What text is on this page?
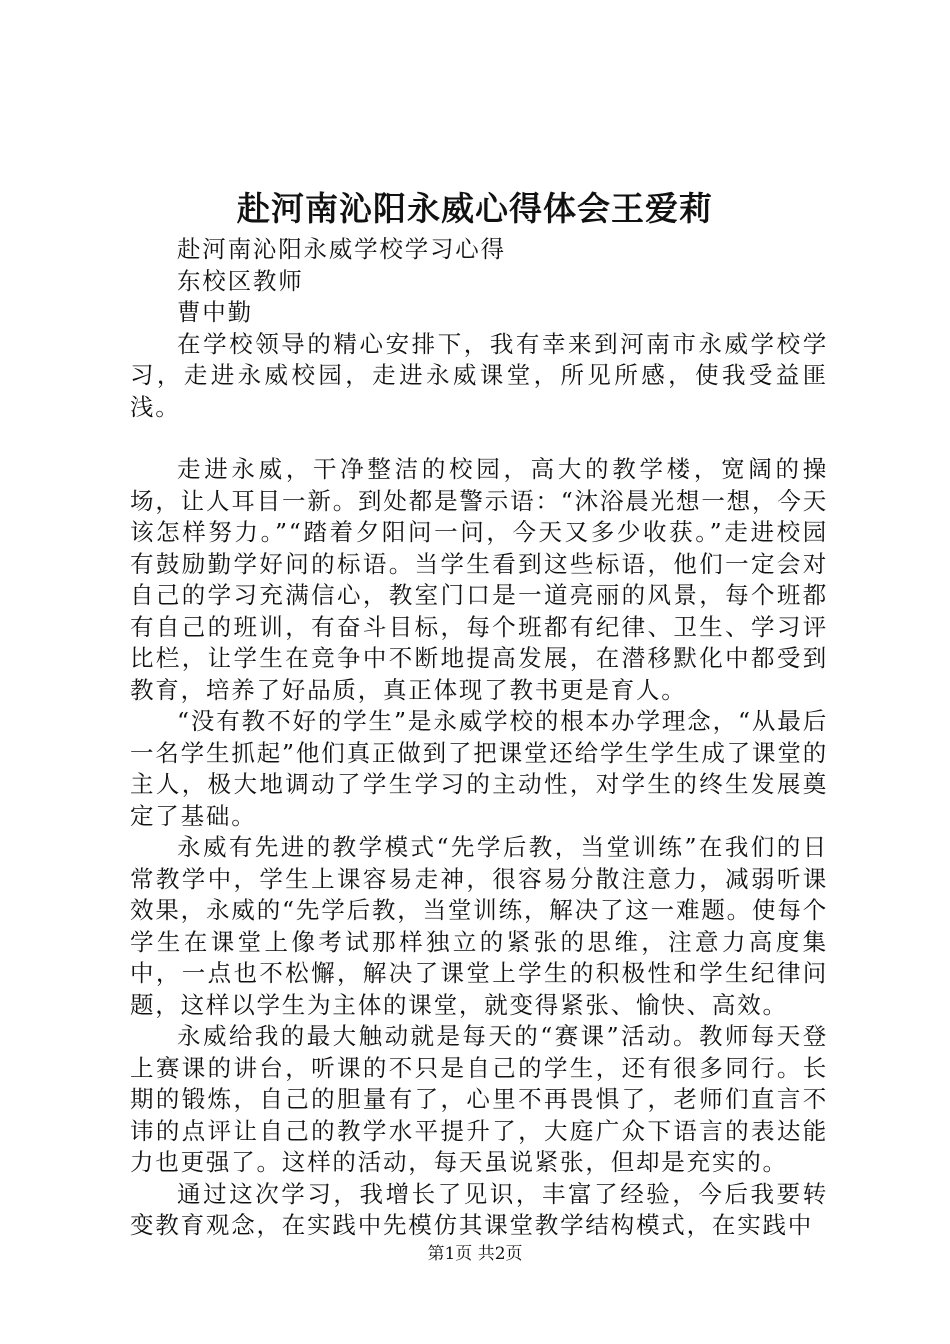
赴河南沁阳永威心得体会王爱莉

赴河南沁阳永威学校学习心得

东校区教师

曹中勤

在学校领导的精心安排下，我有幸来到河南市永威学校学习，走进永威校园，走进永威课堂，所见所感，使我受益匪浅。

走进永威，干净整洁的校园，高大的教学楼，宽阔的操场，让人耳目一新。到处都是警示语：“沐浴晨光想一想，今天该怎样努力。”“踏着夕阳问一问，今天又多少收获。”走进校园有鼓励勤学好问的标语。当学生看到这些标语，他们一定会对自己的学习充满信心，教室门口是一道亮丽的风景，每个班都有自己的班训，有奋斗目标，每个班都有纪律、卫生、学习评比栏，让学生在竞争中不断地提高发展，在潜移默化中都受到教育，培养了好品质，真正体现了教书更是育人。

“没有教不好的学生”是永威学校的根本办学理念，“从最后一名学生抓起”他们真正做到了把课堂还给学生学生成了课堂的主人，极大地调动了学生学习的主动性，对学生的终生发展奠定了基础。

永威有先进的教学模式“先学后教，当堂训练”在我们的日常教学中，学生上课容易走神，很容易分散注意力，减弱听课效果，永威的“先学后教，当堂训练，解决了这一难题。使每个学生在课堂上像考试那样独立的紧张的思维，注意力高度集中，一点也不松懈，解决了课堂上学生的积极性和学生纪律问题，这样以学生为主体的课堂，就变得紧张、愉快、高效。

永威给我的最大触动就是每天的“赛课”活动。教师每天登上赛课的讲台，听课的不只是自己的学生，还有很多同行。长期的锻炼，自己的胆量有了，心里不再畏惧了，老师们直言不讳的点评让自己的教学水平提升了，大庭广众下语言的表达能力也更强了。这样的活动，每天虽说紧张，但却是充实的。

通过这次学习，我增长了见识，丰富了经验，今后我要转变教育观念，在实践中先模仿其课堂教学结构模式，在实践中

第1页 共2页
